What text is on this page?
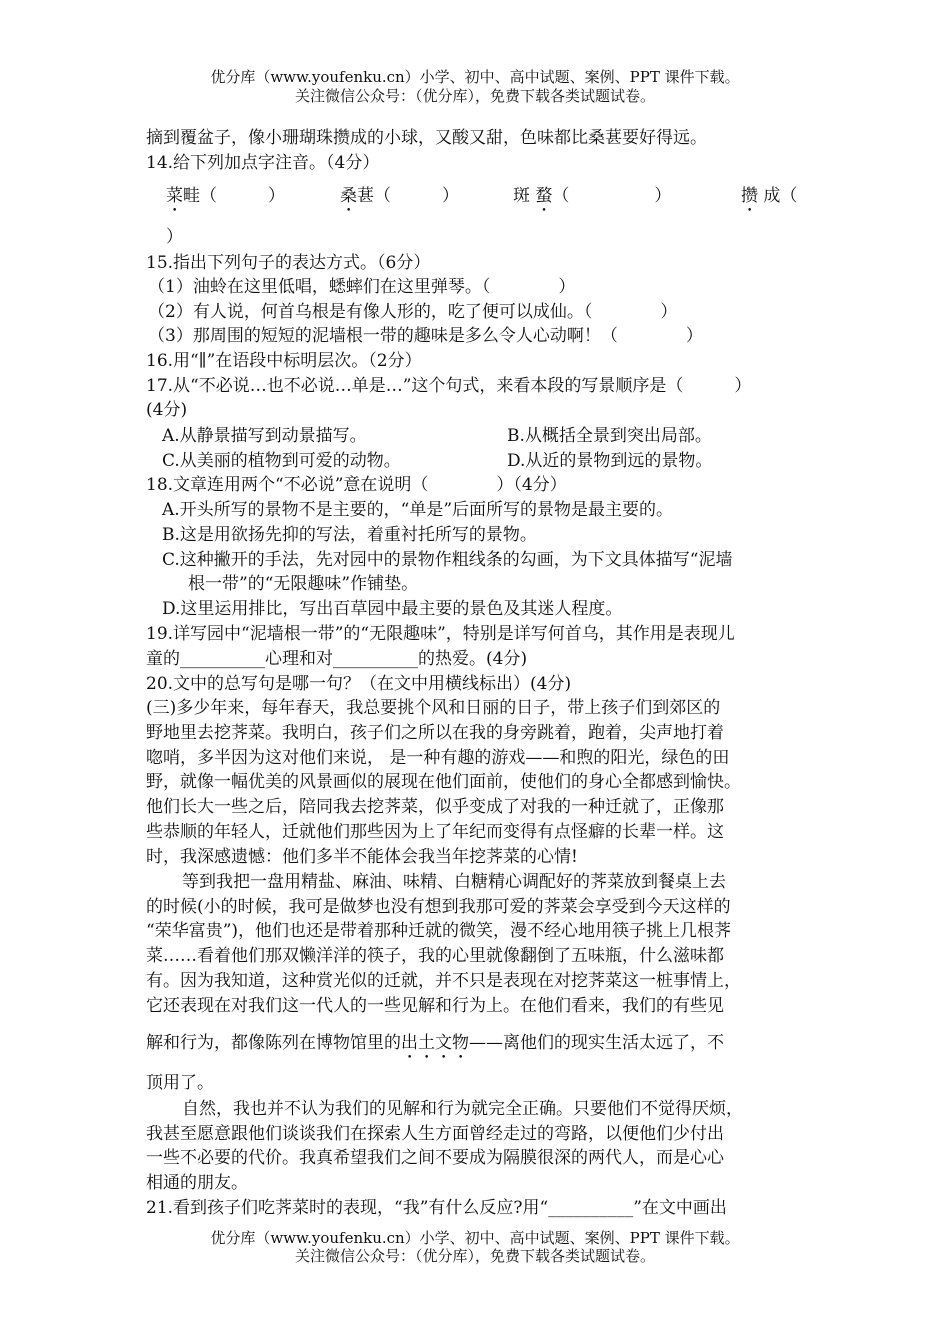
优分库（www.youfenku.cn）小学、初中、高中试题、案例、PPT 课件下载。
关注微信公众号：（优分库），免费下载各类试题试卷。
摘到覆盆子，像小珊瑚珠攒成的小球，又酸又甜，色味都比桑葚要好得远。
14.给下列加点字注音。（4分）
菜畦（　　　）	桑葚（　　　）	斑 蝥（　　　　　）	攒 成（
）
15.指出下列句子的表达方式。（6分）
（1）油蛉在这里低唱，蟋蟀们在这里弹琴。（　　　　）
（2）有人说，何首乌根是有像人形的，吃了便可以成仙。（　　　　）
（3）那周围的短短的泥墙根一带的趣味是多么令人心动啊！（　　　　）
16.用“∥”在语段中标明层次。（2分）
17.从“不必说…也不必说…单是…”这个句式，来看本段的写景顺序是（　　　）
(4分)
A.从静景描写到动景描写。	B.从概括全景到突出局部。
C.从美丽的植物到可爱的动物。	D.从近的景物到远的景物。
18.文章连用两个“不必说”意在说明（　　　　）（4分）
A.开头所写的景物不是主要的，“单是”后面所写的景物是最主要的。
B.这是用欲扬先抑的写法，着重衬托所写的景物。
C.这种撇开的手法，先对园中的景物作粗线条的勾画，为下文具体描写“泥墙
根一带”的“无限趣味”作铺垫。
D.这里运用排比，写出百草园中最主要的景色及其迷人程度。
19.详写园中“泥墙根一带”的“无限趣味”，特别是详写何首乌，其作用是表现儿
童的__________心理和对__________的热爱。(4分)
20.文中的总写句是哪一句？（在文中用横线标出）(4分)
(三)多少年来，每年春天，我总要挑个风和日丽的日子，带上孩子们到郊区的
野地里去挖荠菜。我明白，孩子们之所以在我的身旁跳着，跑着，尖声地打着
唿哨，多半因为这对他们来说， 是一种有趣的游戏——和煦的阳光，绿色的田
野，就像一幅优美的风景画似的展现在他们面前，使他们的身心全都感到愉快。
他们长大一些之后，陪同我去挖荠菜，似乎变成了对我的一种迁就了，正像那
些恭顺的年轻人，迁就他们那些因为上了年纪而变得有点怪癖的长辈一样。这
时，我深感遗憾：他们多半不能体会我当年挖荠菜的心情!
等到我把一盘用精盐、麻油、味精、白糖精心调配好的荠菜放到餐桌上去
的时候(小的时候，我可是做梦也没有想到我那可爱的荠菜会享受到今天这样的
“荣华富贵”)，他们也还是带着那种迁就的微笑，漫不经心地用筷子挑上几根荠
菜……看着他们那双懒洋洋的筷子，我的心里就像翻倒了五味瓶，什么滋味都
有。因为我知道，这种赏光似的迁就，并不只是表现在对挖荠菜这一桩事情上，
它还表现在对我们这一代人的一些见解和行为上。在他们看来，我们的有些见
解和行为，都像陈列在博物馆里的出土文物——离他们的现实生活太远了，不
顶用了。
自然，我也并不认为我们的见解和行为就完全正确。只要他们不觉得厌烦，
我甚至愿意跟他们谈谈我们在探索人生方面曾经走过的弯路，以便他们少付出
一些不必要的代价。我真希望我们之间不要成为隔膜很深的两代人，而是心心
相通的朋友。
21.看到孩子们吃荠菜时的表现，“我”有什么反应?用“__________”在文中画出
优分库（www.youfenku.cn）小学、初中、高中试题、案例、PPT 课件下载。
关注微信公众号：（优分库），免费下载各类试题试卷。
